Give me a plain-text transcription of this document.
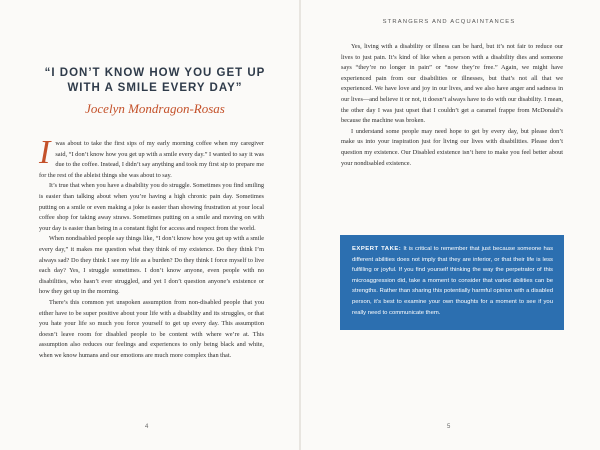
“I DON’T KNOW HOW YOU GET UP WITH A SMILE EVERY DAY”
Jocelyn Mondragon-Rosas

Iwas about to take the first sips of my early morning coffee when my caregiver said, “I don’t know how you get up with a smile every day.” I wanted to say it was due to the coffee. Instead, I didn’t say anything and took my first sip to prepare me for the rest of the ableist things she was about to say.

It’s true that when you have a disability you do struggle. Sometimes you find smiling is easier than talking about when you’re having a high chronic pain day. Sometimes putting on a smile or even making a joke is easier than showing frustration at your local coffee shop for taking away straws. Sometimes putting on a smile and moving on with your day is easier than being in a constant fight for access and respect from the world.

When nondisabled people say things like, “I don’t know how you get up with a smile every day,” it makes me question what they think of my existence. Do they think I’m always sad? Do they think I see my life as a burden? Do they think I force myself to live each day? Yes, I struggle sometimes. I don’t know anyone, even people with no disabilities, who hasn’t ever struggled, and yet I don’t question anyone’s existence or how they get up in the morning.

There’s this common yet unspoken assumption from non-disabled people that you either have to be super positive about your life with a disability and its struggles, or that you hate your life so much you force yourself to get up every day. This assumption doesn’t leave room for disabled people to be content with where we’re at. This assumption also reduces our feelings and experiences to only being black and white, when we know humans and our emotions are much more complex than that.

4
STRANGERS AND ACQUAINTANCES

Yes, living with a disability or illness can be hard, but it’s not fair to reduce our lives to just pain. It’s kind of like when a person with a disability dies and someone says “they’re no longer in pain” or “now they’re free.” Again, we might have experienced pain from our disabilities or illnesses, but that’s not all that we experienced. We have love and joy in our lives, and we also have anger and sadness in our lives—and believe it or not, it doesn’t always have to do with our disability. I mean, the other day I was just upset that I couldn’t get a caramel frappe from McDonald’s because the machine was broken.

I understand some people may need hope to get by every day, but please don’t make us into your inspiration just for living our lives with disabilities. Please don’t question my existence. Our Disabled existence isn’t here to make you feel better about your nondisabled existence.

EXPERT TAKE: It is critical to remember that just because someone has different abilities does not imply that they are inferior, or that their life is less fulfilling or joyful. If you find yourself thinking the way the perpetrator of this microaggression did, take a moment to consider that varied abilities can be strengths. Rather than sharing this potentially harmful opinion with a disabled person, it’s best to examine your own thoughts for a moment to see if you really need to communicate them.
5
